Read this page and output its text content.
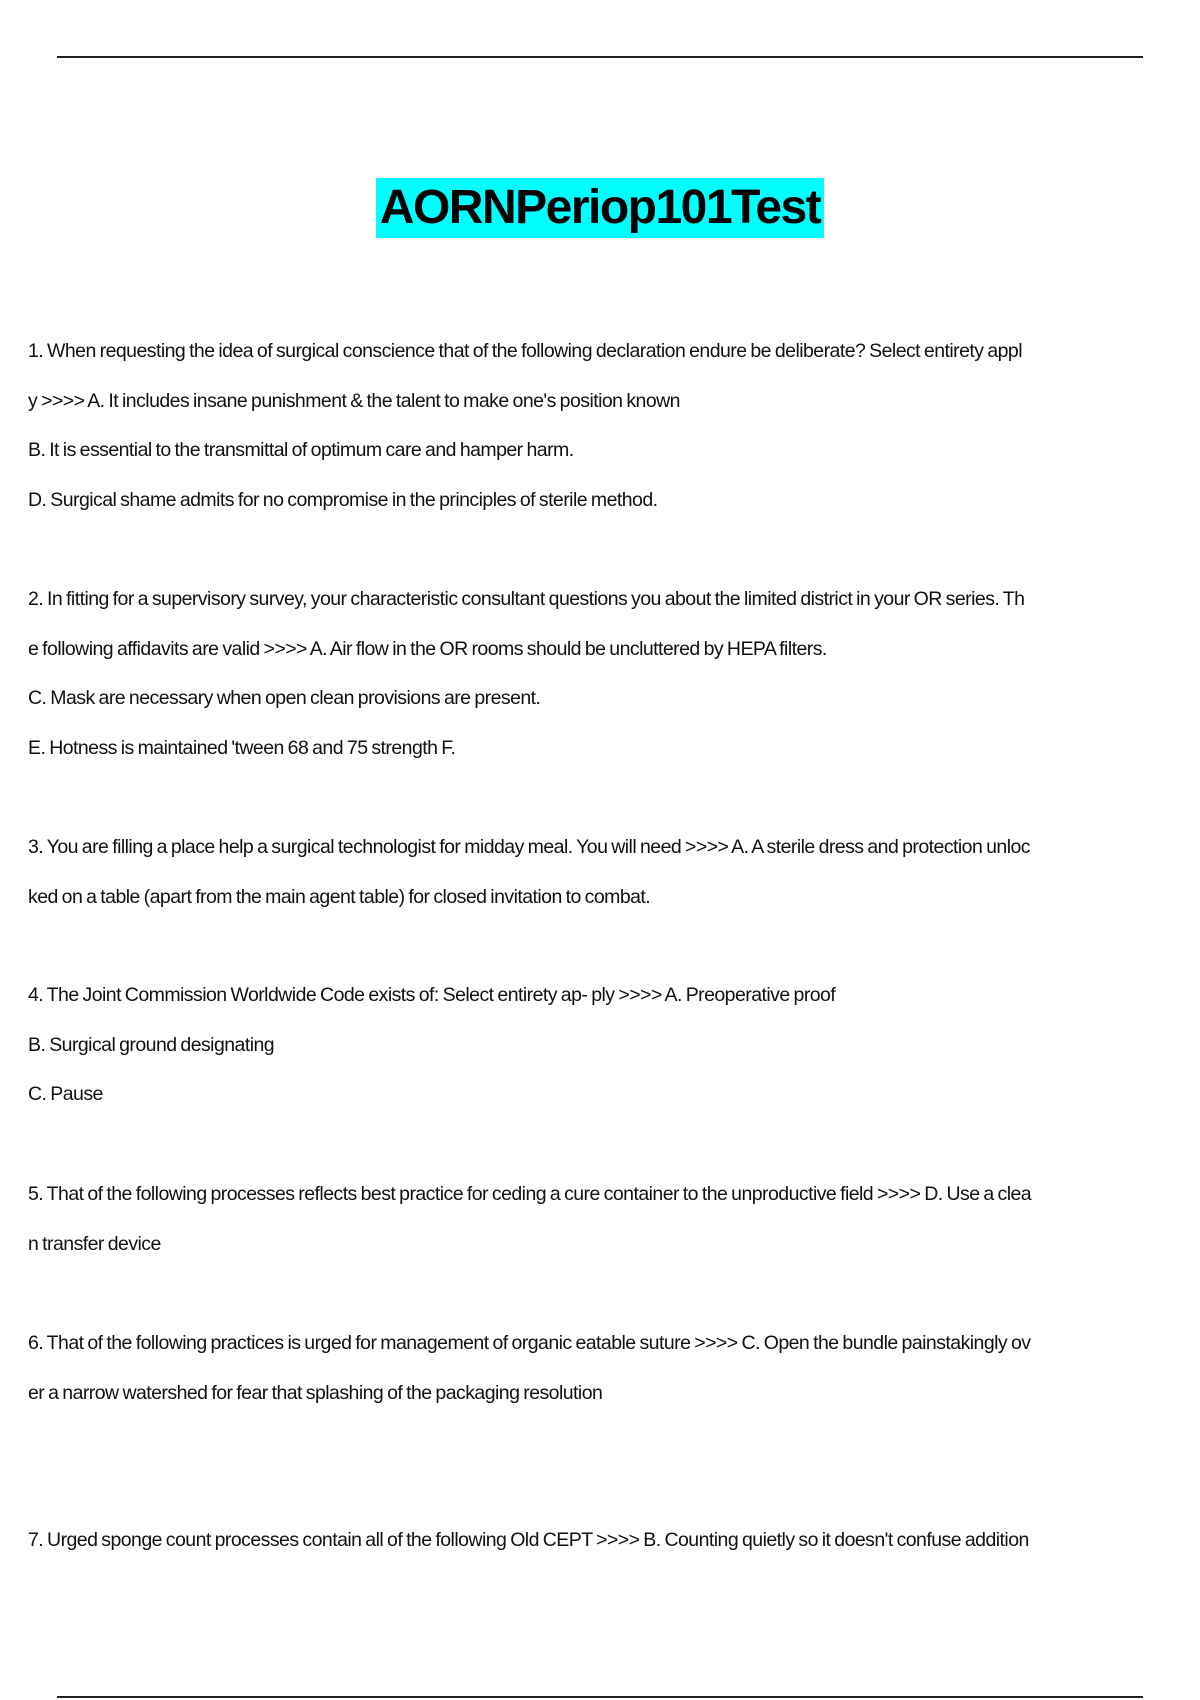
AORNPeriop101Test
1. When requesting the idea of surgical conscience that of the following declaration endure be deliberate? Select entirety appl
y >>>> A. It includes insane punishment & the talent to make one's position known
B. It is essential to the transmittal of optimum care and hamper harm.
D. Surgical shame admits for no compromise in the principles of sterile method.
2. In fitting for a supervisory survey, your characteristic consultant questions you about the limited district in your OR series. Th
e following affidavits are valid >>>> A. Air flow in the OR rooms should be uncluttered by HEPA filters.
C. Mask are necessary when open clean provisions are present.
E. Hotness is maintained 'tween 68 and 75 strength F.
3. You are filling a place help a surgical technologist for midday meal. You will need >>>> A. A sterile dress and protection unloc
ked on a table (apart from the main agent table) for closed invitation to combat.
4. The Joint Commission Worldwide Code exists of: Select entirety ap- ply >>>> A. Preoperative proof
B. Surgical ground designating
C. Pause
5. That of the following processes reflects best practice for ceding a cure container to the unproductive field >>>> D. Use a clea
n transfer device
6. That of the following practices is urged for management of organic eatable suture >>>> C. Open the bundle painstakingly ov
er a narrow watershed for fear that splashing of the packaging resolution
7. Urged sponge count processes contain all of the following Old CEPT >>>> B. Counting quietly so it doesn't confuse addition
